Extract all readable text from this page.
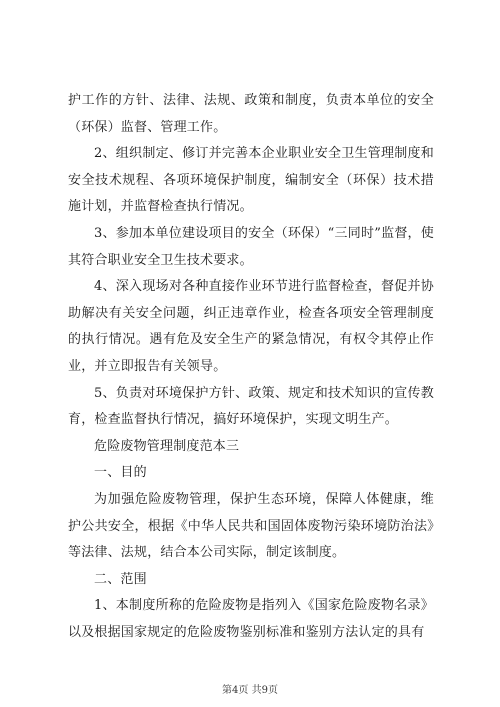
护工作的方针、法律、法规、政策和制度，负责本单位的安全（环保）监督、管理工作。

2、组织制定、修订并完善本企业职业安全卫生管理制度和安全技术规程、各项环境保护制度，编制安全（环保）技术措施计划，并监督检查执行情况。

3、参加本单位建设项目的安全（环保）“三同时”监督，使其符合职业安全卫生技术要求。

4、深入现场对各种直接作业环节进行监督检查，督促并协助解决有关安全问题，纠正违章作业，检查各项安全管理制度的执行情况。遇有危及安全生产的紧急情况，有权令其停止作业，并立即报告有关领导。

5、负责对环境保护方针、政策、规定和技术知识的宣传教育，检查监督执行情况，搞好环境保护，实现文明生产。

危险废物管理制度范本三

一、目的

为加强危险废物管理，保护生态环境，保障人体健康，维护公共安全，根据《中华人民共和国固体废物污染环境防治法》等法律、法规，结合本公司实际，制定该制度。

二、范围

1、本制度所称的危险废物是指列入《国家危险废物名录》以及根据国家规定的危险废物鉴别标准和鉴别方法认定的具有

第4页 共9页
